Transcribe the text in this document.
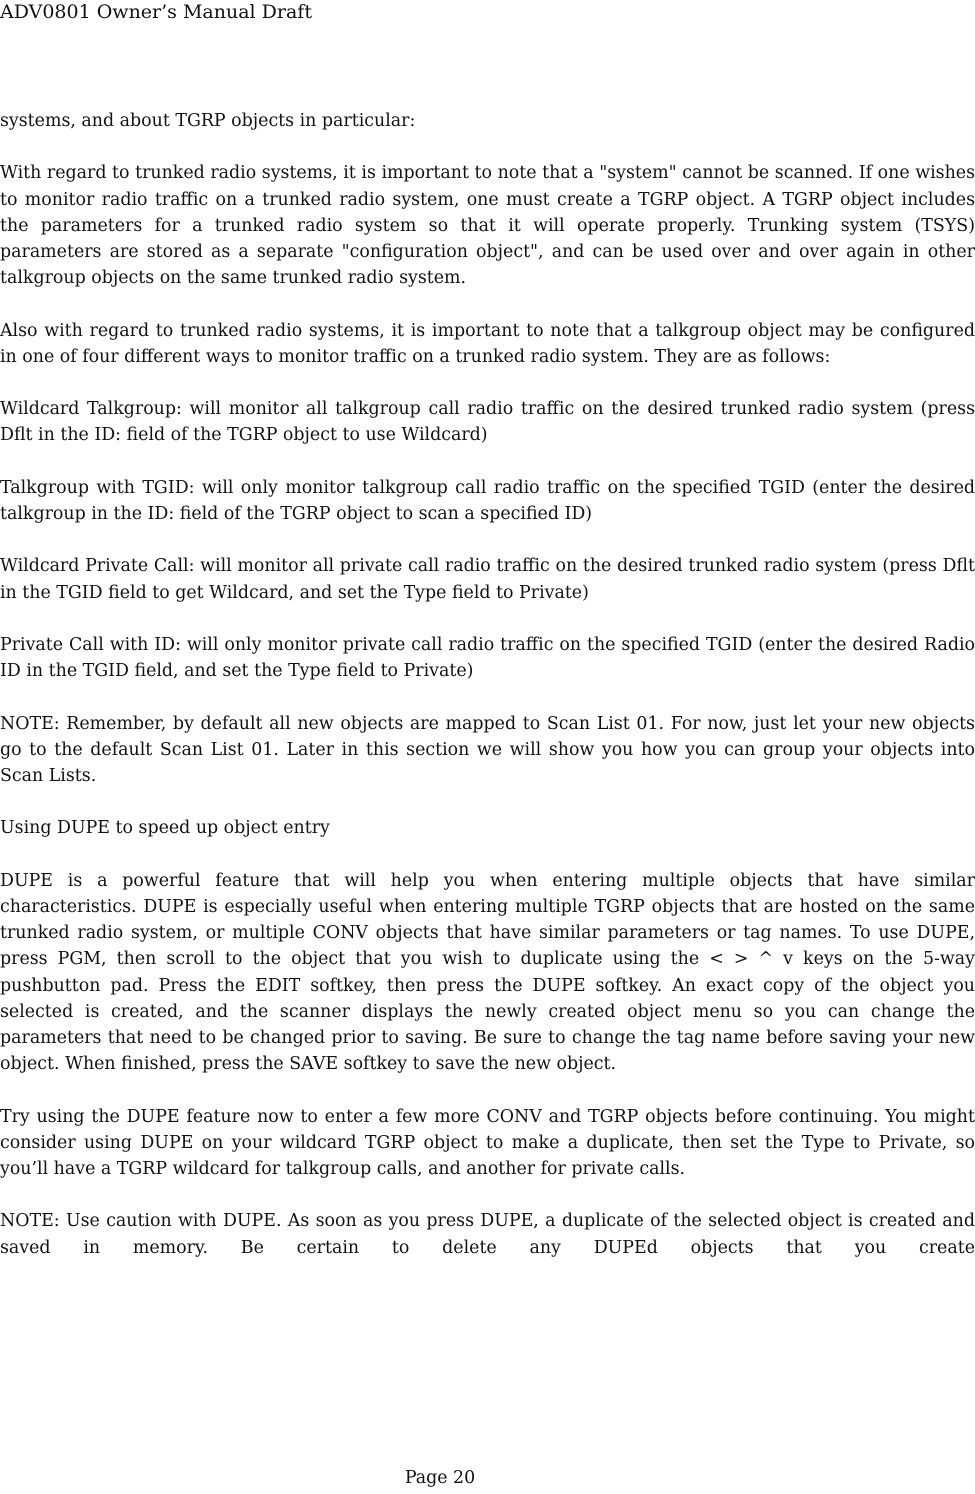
ADV0801 Owner’s Manual Draft

systems, and about TGRP objects in particular:

With regard to trunked radio systems, it is important to note that a "system" cannot be scanned. If one wishes to monitor radio traffic on a trunked radio system, one must create a TGRP object. A TGRP object includes the parameters for a trunked radio system so that it will operate properly. Trunking system (TSYS) parameters are stored as a separate "configuration object", and can be used over and over again in other talkgroup objects on the same trunked radio system.

Also with regard to trunked radio systems, it is important to note that a talkgroup object may be configured in one of four different ways to monitor traffic on a trunked radio system. They are as follows:

Wildcard Talkgroup: will monitor all talkgroup call radio traffic on the desired trunked radio system (press Dflt in the ID: field of the TGRP object to use Wildcard)

Talkgroup with TGID: will only monitor talkgroup call radio traffic on the specified TGID (enter the desired talkgroup in the ID: field of the TGRP object to scan a specified ID)

Wildcard Private Call: will monitor all private call radio traffic on the desired trunked radio system (press Dflt in the TGID field to get Wildcard, and set the Type field to Private)

Private Call with ID: will only monitor private call radio traffic on the specified TGID (enter the desired Radio ID in the TGID field, and set the Type field to Private)

NOTE: Remember, by default all new objects are mapped to Scan List 01. For now, just let your new objects go to the default Scan List 01. Later in this section we will show you how you can group your objects into Scan Lists.

Using DUPE to speed up object entry

DUPE is a powerful feature that will help you when entering multiple objects that have similar characteristics. DUPE is especially useful when entering multiple TGRP objects that are hosted on the same trunked radio system, or multiple CONV objects that have similar parameters or tag names. To use DUPE, press PGM, then scroll to the object that you wish to duplicate using the < > ^ v keys on the 5-way pushbutton pad. Press the EDIT softkey, then press the DUPE softkey. An exact copy of the object you selected is created, and the scanner displays the newly created object menu so you can change the parameters that need to be changed prior to saving. Be sure to change the tag name before saving your new object. When finished, press the SAVE softkey to save the new object.

Try using the DUPE feature now to enter a few more CONV and TGRP objects before continuing. You might consider using DUPE on your wildcard TGRP object to make a duplicate, then set the Type to Private, so you’ll have a TGRP wildcard for talkgroup calls, and another for private calls.

NOTE: Use caution with DUPE. As soon as you press DUPE, a duplicate of the selected object is created and saved in memory. Be certain to delete any DUPEd objects that you create

Page 20
